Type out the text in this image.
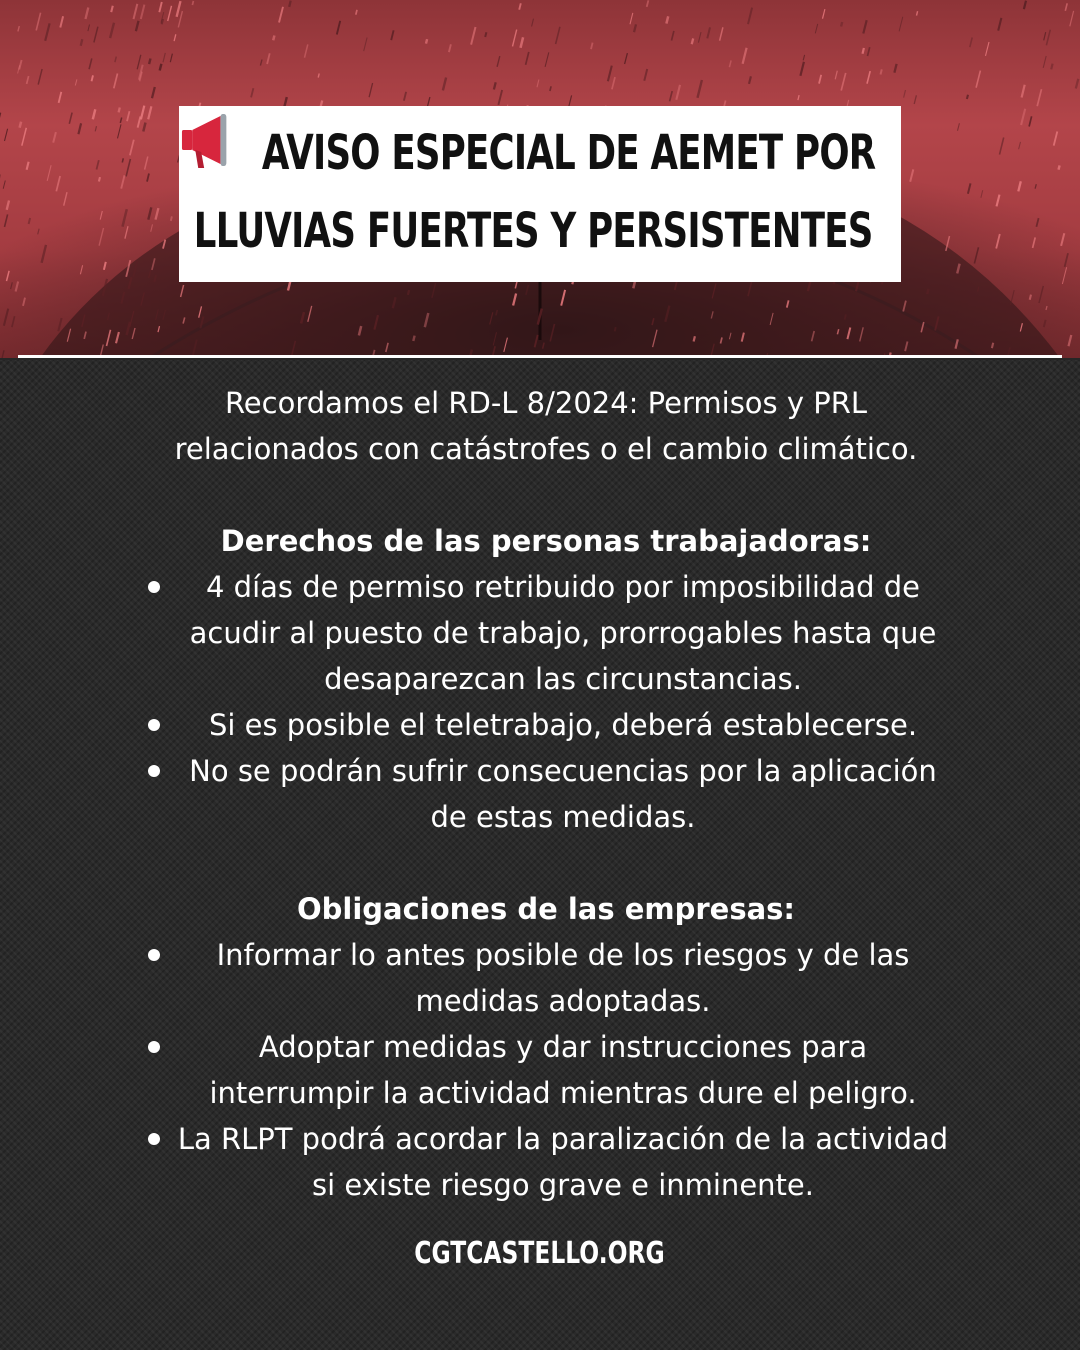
AVISO ESPECIAL DE AEMET POR
LLUVIAS FUERTES Y PERSISTENTES

Recordamos el RD-L 8/2024: Permisos y PRL
relacionados con catástrofes o el cambio climático.

Derechos de las personas trabajadoras:

4 días de permiso retribuido por imposibilidad de acudir al puesto de trabajo, prorrogables hasta que desaparezcan las circunstancias.
Si es posible el teletrabajo, deberá establecerse.
No se podrán sufrir consecuencias por la aplicación de estas medidas.

Obligaciones de las empresas:

Informar lo antes posible de los riesgos y de las medidas adoptadas.
Adoptar medidas y dar instrucciones para interrumpir la actividad mientras dure el peligro.
La RLPT podrá acordar la paralización de la actividad si existe riesgo grave e inminente.
CGTCASTELLO.ORG
